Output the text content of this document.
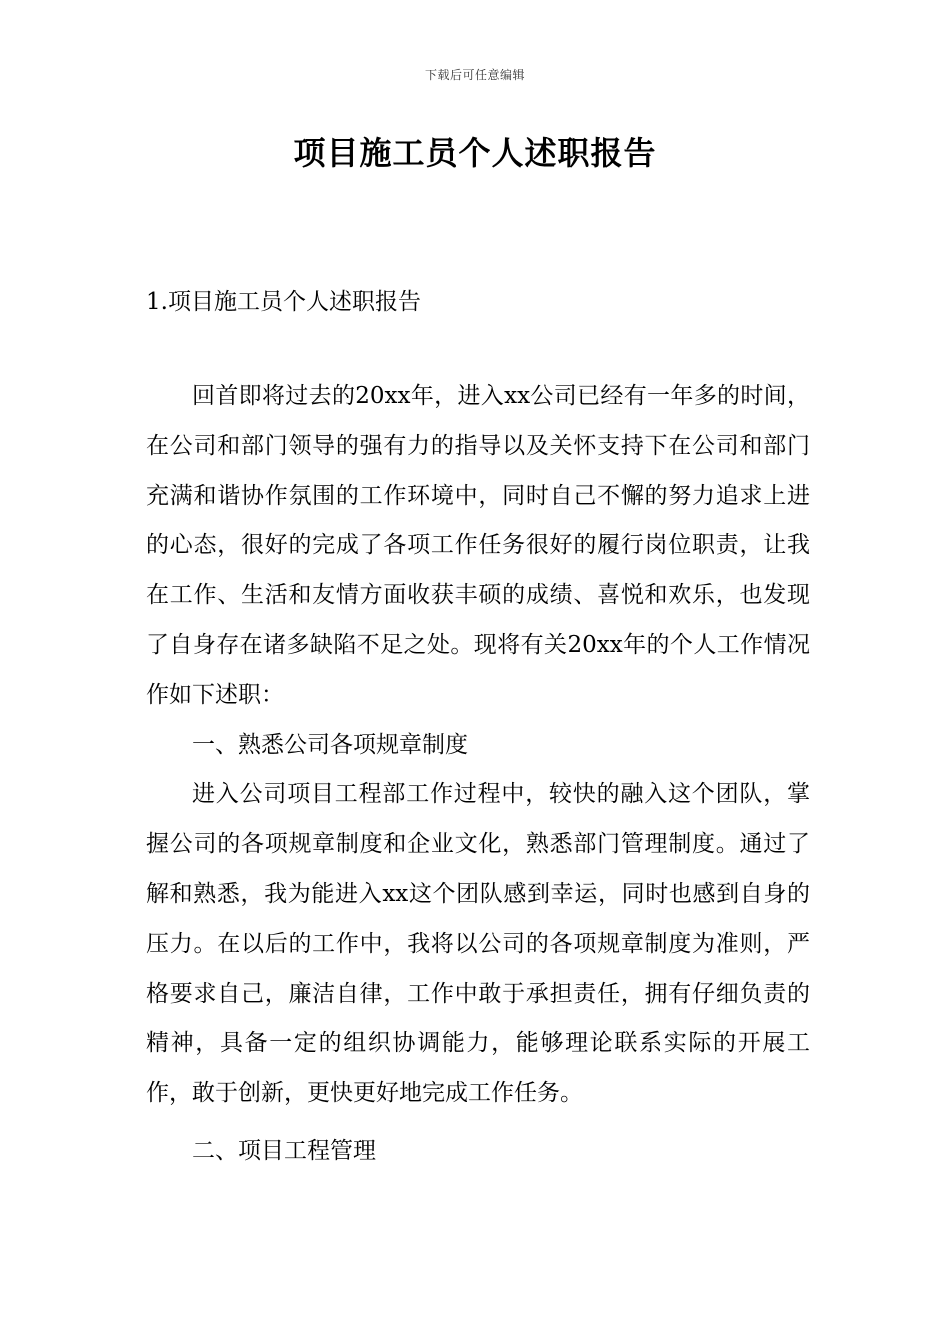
下载后可任意编辑
项目施工员个人述职报告
1.项目施工员个人述职报告

回首即将过去的20xx年，进入xx公司已经有一年多的时间，在公司和部门领导的强有力的指导以及关怀支持下在公司和部门充满和谐协作氛围的工作环境中，同时自己不懈的努力追求上进的心态，很好的完成了各项工作任务很好的履行岗位职责，让我在工作、生活和友情方面收获丰硕的成绩、喜悦和欢乐，也发现了自身存在诸多缺陷不足之处。现将有关20xx年的个人工作情况作如下述职：

一、熟悉公司各项规章制度

进入公司项目工程部工作过程中，较快的融入这个团队，掌握公司的各项规章制度和企业文化，熟悉部门管理制度。通过了解和熟悉，我为能进入xx这个团队感到幸运，同时也感到自身的压力。在以后的工作中，我将以公司的各项规章制度为准则，严格要求自己，廉洁自律，工作中敢于承担责任，拥有仔细负责的精神，具备一定的组织协调能力，能够理论联系实际的开展工作，敢于创新，更快更好地完成工作任务。

二、项目工程管理
